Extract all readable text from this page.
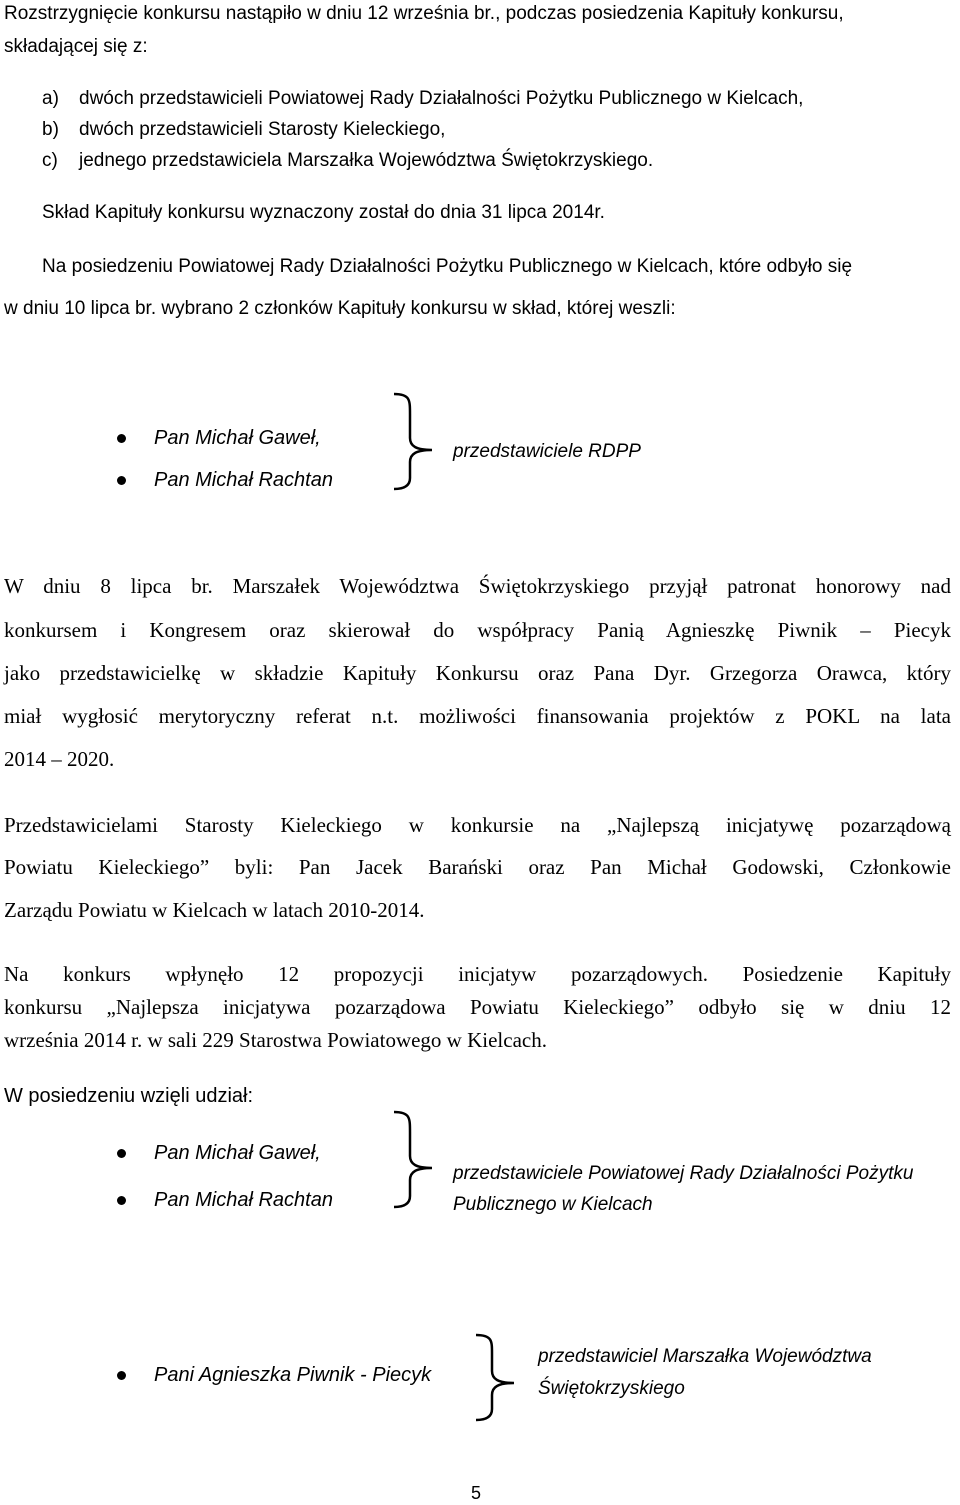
Rozstrzygnięcie konkursu nastąpiło w dniu 12 września br., podczas posiedzenia Kapituły konkursu,
składającej się z:
a) dwóch przedstawicieli Powiatowej Rady Działalności Pożytku Publicznego w Kielcach,
b) dwóch przedstawicieli Starosty Kieleckiego,
c) jednego przedstawiciela Marszałka Województwa Świętokrzyskiego.
Skład Kapituły konkursu wyznaczony został do dnia 31 lipca 2014r.
Na posiedzeniu Powiatowej Rady Działalności Pożytku Publicznego w Kielcach, które odbyło się
w dniu 10 lipca br. wybrano 2 członków Kapituły konkursu w skład, której weszli:
Pan Michał Gaweł,
Pan Michał Rachtan
przedstawiciele RDPP
W dniu 8 lipca br. Marszałek Województwa Świętokrzyskiego przyjął patronat honorowy nad
konkursem i Kongresem oraz skierował do współpracy Panią Agnieszkę Piwnik – Piecyk
jako przedstawicielkę w składzie Kapituły Konkursu oraz Pana Dyr. Grzegorza Orawca, który
miał wygłosić merytoryczny referat n.t. możliwości finansowania projektów z POKL na lata
2014 – 2020.
Przedstawicielami Starosty Kieleckiego w konkursie na „Najlepszą inicjatywę pozarządową
Powiatu Kieleckiego” byli: Pan Jacek Barański oraz Pan Michał Godowski, Członkowie
Zarządu Powiatu w Kielcach w latach 2010-2014.
Na konkurs wpłynęło 12 propozycji inicjatyw pozarządowych. Posiedzenie Kapituły
konkursu „Najlepsza inicjatywa pozarządowa Powiatu Kieleckiego” odbyło się w dniu 12
września 2014 r. w sali 229 Starostwa Powiatowego w Kielcach.
W posiedzeniu wzięli udział:
Pan Michał Gaweł,
Pan Michał Rachtan
przedstawiciele Powiatowej Rady Działalności Pożytku
Publicznego w Kielcach
Pani Agnieszka Piwnik - Piecyk
przedstawiciel Marszałka Województwa
Świętokrzyskiego
5
